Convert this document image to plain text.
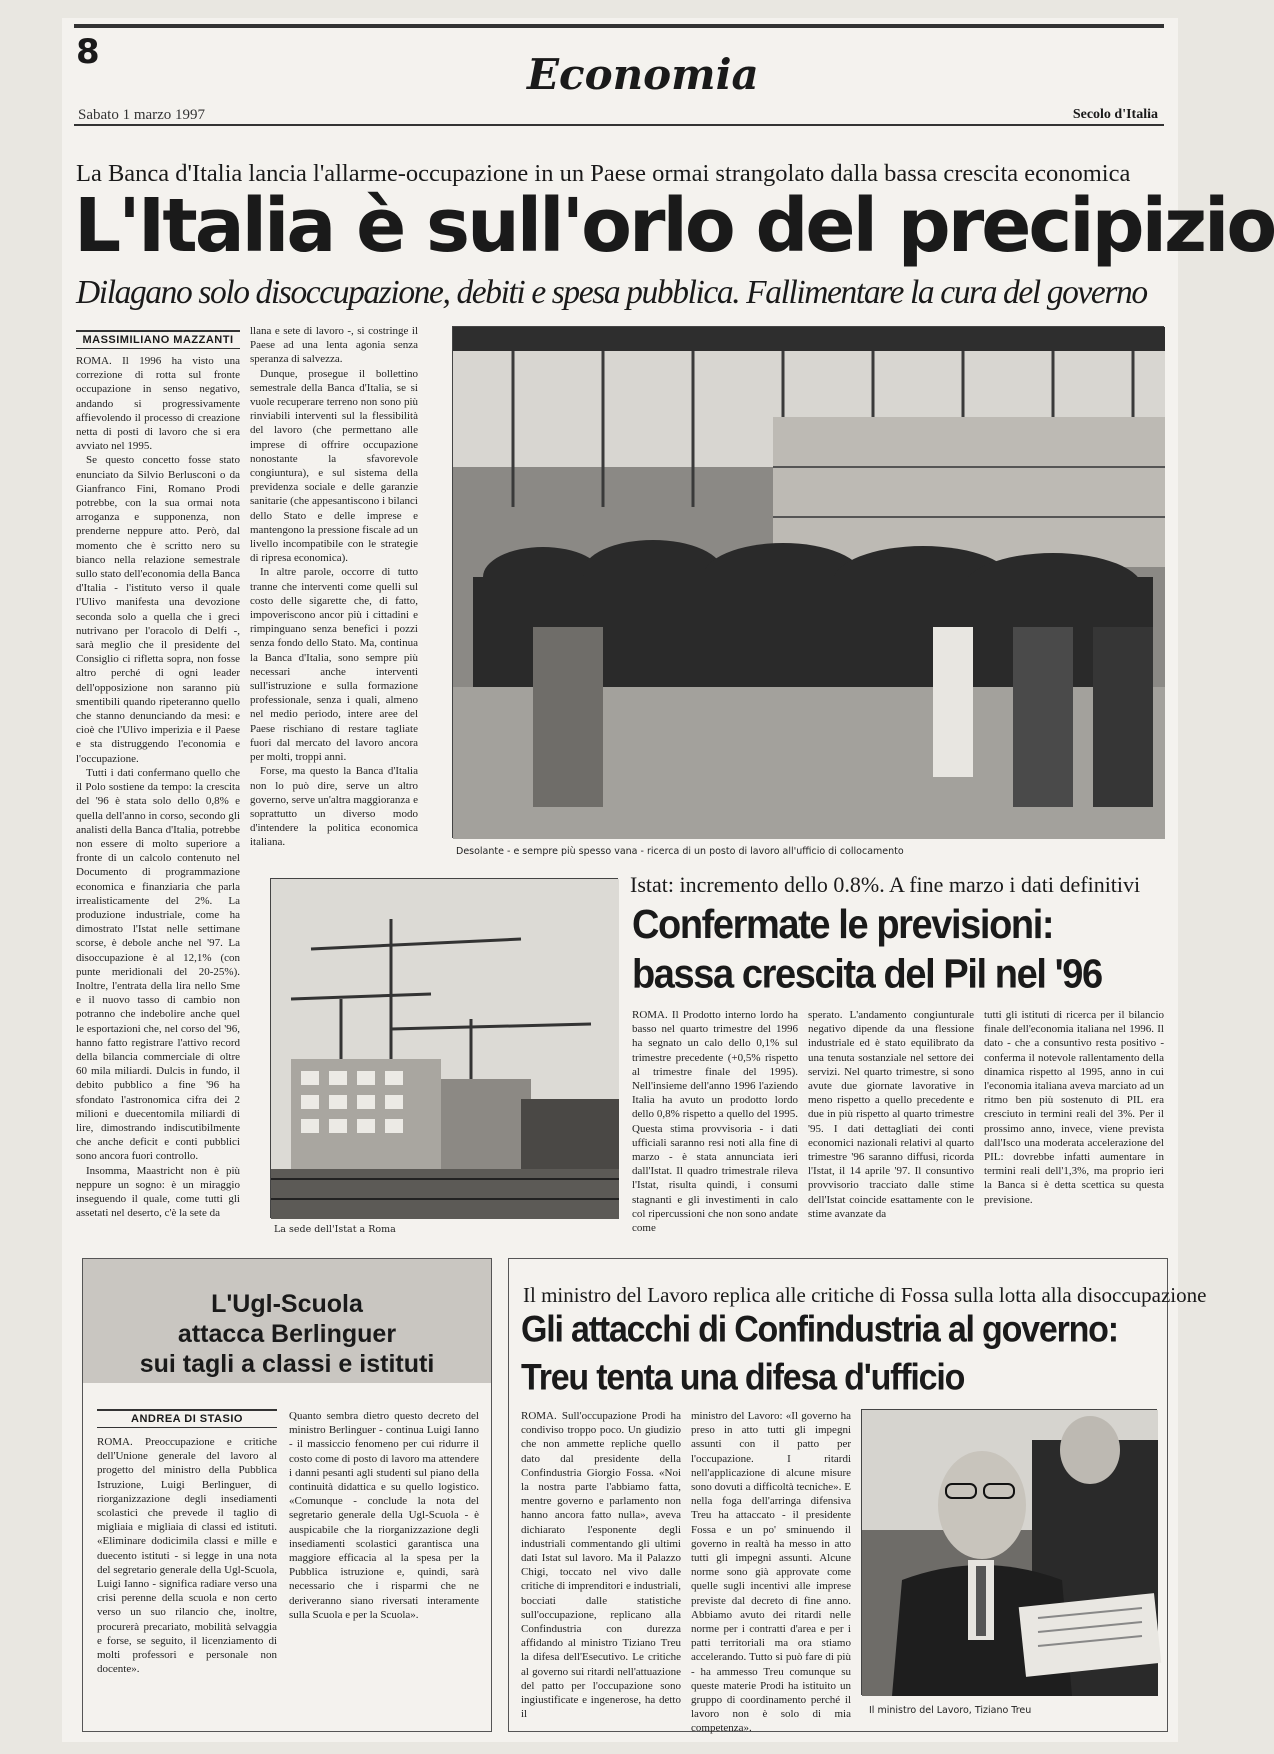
8	Economia
Sabato 1 marzo 1997	Secolo d'Italia
La Banca d'Italia lancia l'allarme-occupazione in un Paese ormai strangolato dalla bassa crescita economica
L'Italia è sull'orlo del precipizio
Dilagano solo disoccupazione, debiti e spesa pubblica. Fallimentare la cura del governo
MASSIMILIANO MAZZANTI

ROMA. Il 1996 ha visto una correzione di rotta sul fronte occupazione in senso negativo, andando si progressivamente affievolendo il processo di creazione netta di posti di lavoro che si era avviato nel 1995.

Se questo concetto fosse stato enunciato da Silvio Berlusconi o da Gianfranco Fini, Romano Prodi potrebbe, con la sua ormai nota arroganza e supponenza, non prenderne neppure atto. Però, dal momento che è scritto nero su bianco nella relazione semestrale sullo stato dell'economia della Banca d'Italia - l'istituto verso il quale l'Ulivo manifesta una devozione seconda solo a quella che i greci nutrivano per l'oracolo di Delfi -, sarà meglio che il presidente del Consiglio ci rifletta sopra, non fosse altro perché di ogni leader dell'opposizione non saranno più smentibili quando ripeteranno quello che stanno denunciando da mesi: e cioè che l'Ulivo imperizia e il Paese e sta distruggendo l'economia e l'occupazione.

Tutti i dati confermano quello che il Polo sostiene da tempo: la crescita del '96 è stata solo dello 0,8% e quella dell'anno in corso, secondo gli analisti della Banca d'Italia, potrebbe non essere di molto superiore a fronte di un calcolo contenuto nel Documento di programmazione economica e finanziaria che parla irrealisticamente del 2%. La produzione industriale, come ha dimostrato l'Istat nelle settimane scorse, è debole anche nel '97. La disoccupazione è al 12,1% (con punte meridionali del 20-25%). Inoltre, l'entrata della lira nello Sme e il nuovo tasso di cambio non potranno che indebolire anche quel le esportazioni che, nel corso del '96, hanno fatto registrare l'attivo record della bilancia commerciale di oltre 60 mila miliardi. Dulcis in fundo, il debito pubblico a fine '96 ha sfondato l'astronomica cifra dei 2 milioni e duecentomila miliardi di lire, dimostrando indiscutibilmente che anche deficit e conti pubblici sono ancora fuori controllo.

Insomma, Maastricht non è più neppure un sogno: è un miraggio inseguendo il quale, come tutti gli assetati nel deserto, c'è la sete da

llana e sete di lavoro -, si costringe il Paese ad una lenta agonia senza speranza di salvezza.

Dunque, prosegue il bollettino semestrale della Banca d'Italia, se si vuole recuperare terreno non sono più rinviabili interventi sul la flessibilità del lavoro (che permettano alle imprese di offrire occupazione nonostante la sfavorevole congiuntura), e sul sistema della previdenza sociale e delle garanzie sanitarie (che appesantiscono i bilanci dello Stato e delle imprese e mantengono la pressione fiscale ad un livello incompatibile con le strategie di ripresa economica).

In altre parole, occorre di tutto tranne che interventi come quelli sul costo delle sigarette che, di fatto, impoveriscono ancor più i cittadini e rimpinguano senza benefici i pozzi senza fondo dello Stato. Ma, continua la Banca d'Italia, sono sempre più necessari anche interventi sull'istruzione e sulla formazione professionale, senza i quali, almeno nel medio periodo, intere aree del Paese rischiano di restare tagliate fuori dal mercato del lavoro ancora per molti, troppi anni.

Forse, ma questo la Banca d'Italia non lo può dire, serve un altro governo, serve un'altra maggioranza e soprattutto un diverso modo d'intendere la politica economica italiana.

Desolante - e sempre più spesso vana - ricerca di un posto di lavoro all'ufficio di collocamento
La sede dell'Istat a Roma
Istat: incremento dello 0.8%. A fine marzo i dati definitivi
Confermate le previsioni:
bassa crescita del Pil nel '96

ROMA. Il Prodotto interno lordo ha basso nel quarto trimestre del 1996 ha segnato un calo dello 0,1% sul trimestre precedente (+0,5% rispetto al trimestre finale del 1995). Nell'insieme dell'anno 1996 l'aziendo Italia ha avuto un prodotto lordo dello 0,8% rispetto a quello del 1995. Questa stima provvisoria - i dati ufficiali saranno resi noti alla fine di marzo - è stata annunciata ieri dall'Istat. Il quadro trimestrale rileva l'Istat, risulta quindi, i consumi stagnanti e gli investimenti in calo col ripercussioni che non sono andate come

sperato. L'andamento congiunturale negativo dipende da una flessione industriale ed è stato equilibrato da una tenuta sostanziale nel settore dei servizi. Nel quarto trimestre, si sono avute due giornate lavorative in meno rispetto a quello precedente e due in più rispetto al quarto trimestre '95. I dati dettagliati dei conti economici nazionali relativi al quarto trimestre '96 saranno diffusi, ricorda l'Istat, il 14 aprile '97. Il consuntivo provvisorio tracciato dalle stime dell'Istat coincide esattamente con le stime avanzate da

tutti gli istituti di ricerca per il bilancio finale dell'economia italiana nel 1996. Il dato - che a consuntivo resta positivo - conferma il notevole rallentamento della dinamica rispetto al 1995, anno in cui l'economia italiana aveva marciato ad un ritmo ben più sostenuto di PIL era cresciuto in termini reali del 3%. Per il prossimo anno, invece, viene prevista dall'Isco una moderata accelerazione del PIL: dovrebbe infatti aumentare in termini reali dell'1,3%, ma proprio ieri la Banca si è detta scettica su questa previsione.

L'Ugl-Scuola
attacca Berlinguer
sui tagli a classi e istituti
ANDREA DI STASIO

ROMA. Preoccupazione e critiche dell'Unione generale del lavoro al progetto del ministro della Pubblica Istruzione, Luigi Berlinguer, di riorganizzazione degli insediamenti scolastici che prevede il taglio di migliaia e migliaia di classi ed istituti. «Eliminare dodicimila classi e mille e duecento istituti - si legge in una nota del segretario generale della Ugl-Scuola, Luigi Ianno - significa radiare verso una crisi perenne della scuola e non certo verso un suo rilancio che, inoltre, procurerà precariato, mobilità selvaggia e forse, se seguito, il licenziamento di molti professori e personale non docente».

Quanto sembra dietro questo decreto del ministro Berlinguer - continua Luigi Ianno - il massiccio fenomeno per cui ridurre il costo come di posto di lavoro ma attendere i danni pesanti agli studenti sul piano della continuità didattica e su quello logistico. «Comunque - conclude la nota del segretario generale della Ugl-Scuola - è auspicabile che la riorganizzazione degli insediamenti scolastici garantisca una maggiore efficacia al la spesa per la Pubblica istruzione e, quindi, sarà necessario che i risparmi che ne deriveranno siano riversati interamente sulla Scuola e per la Scuola».

Il ministro del Lavoro replica alle critiche di Fossa sulla lotta alla disoccupazione
Gli attacchi di Confindustria al governo:
Treu tenta una difesa d'ufficio

ROMA. Sull'occupazione Prodi ha condiviso troppo poco. Un giudizio che non ammette repliche quello dato dal presidente della Confindustria Giorgio Fossa. «Noi la nostra parte l'abbiamo fatta, mentre governo e parlamento non hanno ancora fatto nulla», aveva dichiarato l'esponente degli industriali commentando gli ultimi dati Istat sul lavoro. Ma il Palazzo Chigi, toccato nel vivo dalle critiche di imprenditori e industriali, bocciati dalle statistiche sull'occupazione, replicano alla Confindustria con durezza affidando al ministro Tiziano Treu la difesa dell'Esecutivo. Le critiche al governo sui ritardi nell'attuazione del patto per l'occupazione sono ingiustificate e ingenerose, ha detto il

ministro del Lavoro: «Il governo ha preso in atto tutti gli impegni assunti con il patto per l'occupazione. I ritardi nell'applicazione di alcune misure sono dovuti a difficoltà tecniche». E nella foga dell'arringa difensiva Treu ha attaccato - il presidente Fossa e un po' sminuendo il governo in realtà ha messo in atto tutti gli impegni assunti. Alcune norme sono già approvate come quelle sugli incentivi alle imprese previste dal decreto di fine anno. Abbiamo avuto dei ritardi nelle norme per i contratti d'area e per i patti territoriali ma ora stiamo accelerando. Tutto si può fare di più - ha ammesso Treu comunque su queste materie Prodi ha istituito un gruppo di coordinamento perché il lavoro non è solo di mia competenza».

Il ministro del Lavoro, Tiziano Treu
